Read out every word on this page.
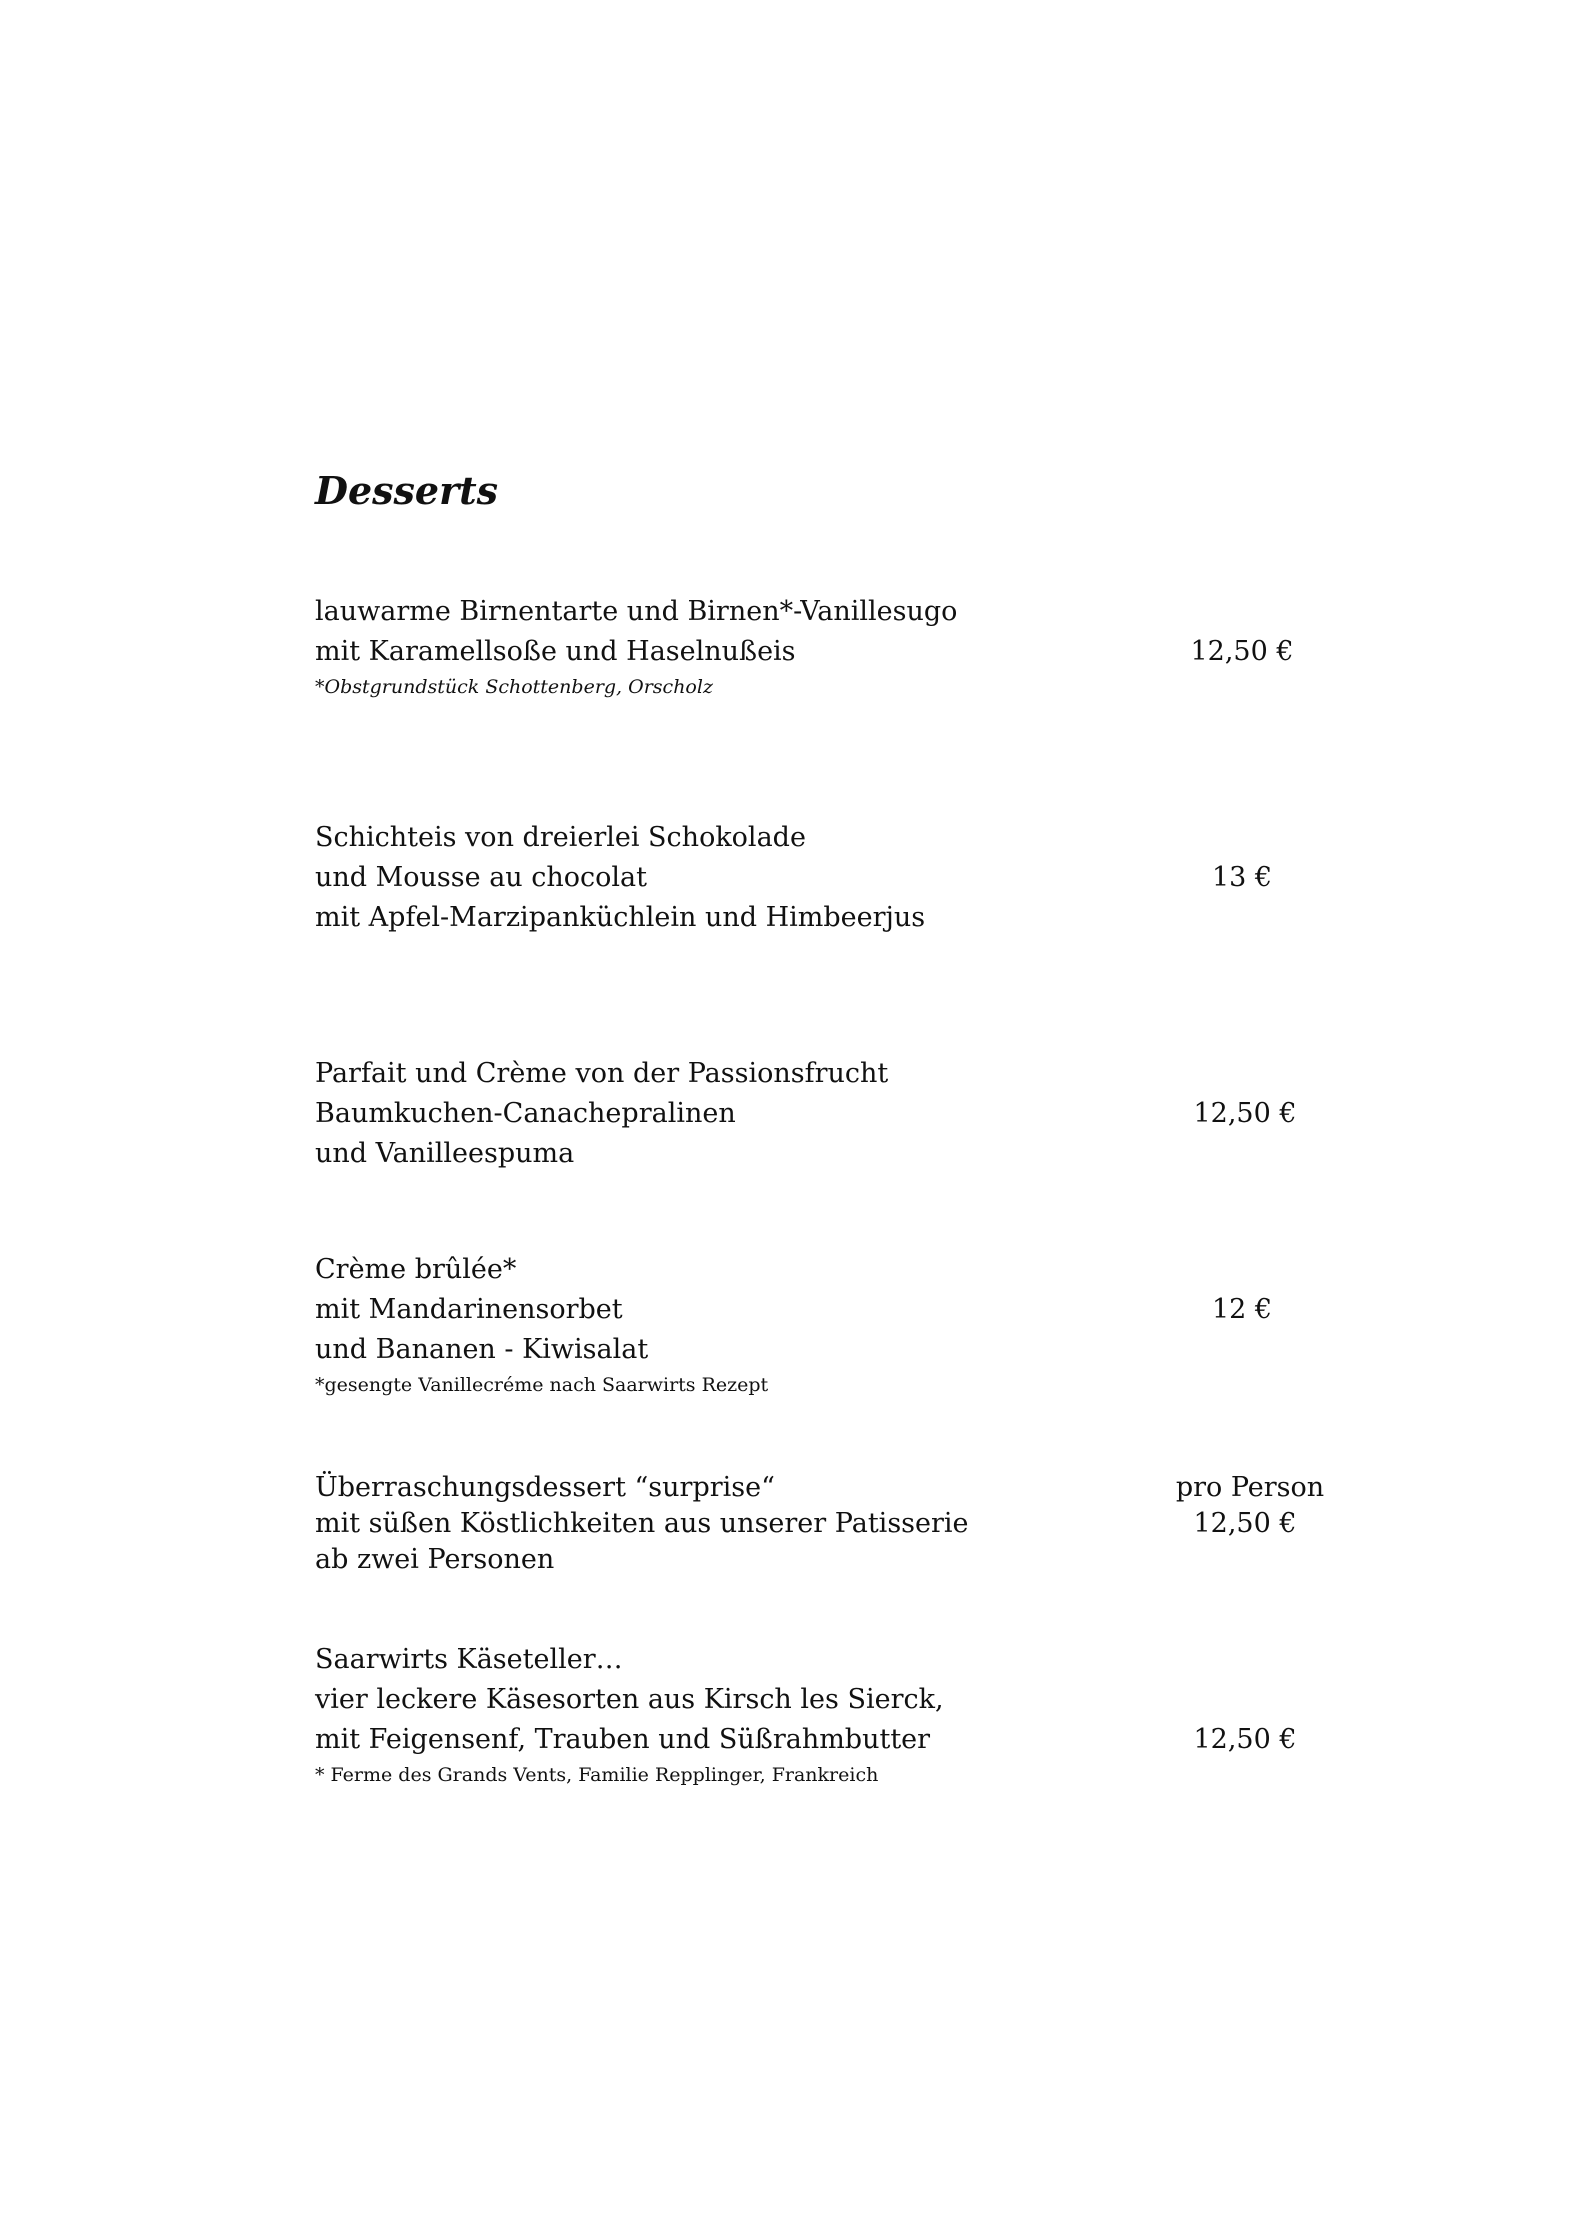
Desserts
lauwarme Birnentarte und Birnen*-Vanillesugo
mit Karamellsoße und Haselnußeis
*Obstgrundstück Schottenberg, Orscholz
12,50 €
Schichteis von dreierlei Schokolade
und Mousse au chocolat
mit Apfel-Marzipanküchlein und Himbeerjus
13 €
Parfait und Crème von der Passionsfrucht
Baumkuchen-Canachepralinen
und Vanilleespuma
12,50 €
Crème brûlée*
mit Mandarinensorbet
und Bananen - Kiwisalat
*gesengte Vanillecréme nach Saarwirts Rezept
12 €
Überraschungsdessert “surprise“
mit süßen Köstlichkeiten aus unserer Patisserie
ab zwei Personen
pro Person
12,50 €
Saarwirts Käseteller…
vier leckere Käsesorten aus Kirsch les Sierck,
mit Feigensenf, Trauben und Süßrahmbutter
* Ferme des Grands Vents, Familie Repplinger, Frankreich
12,50 €
